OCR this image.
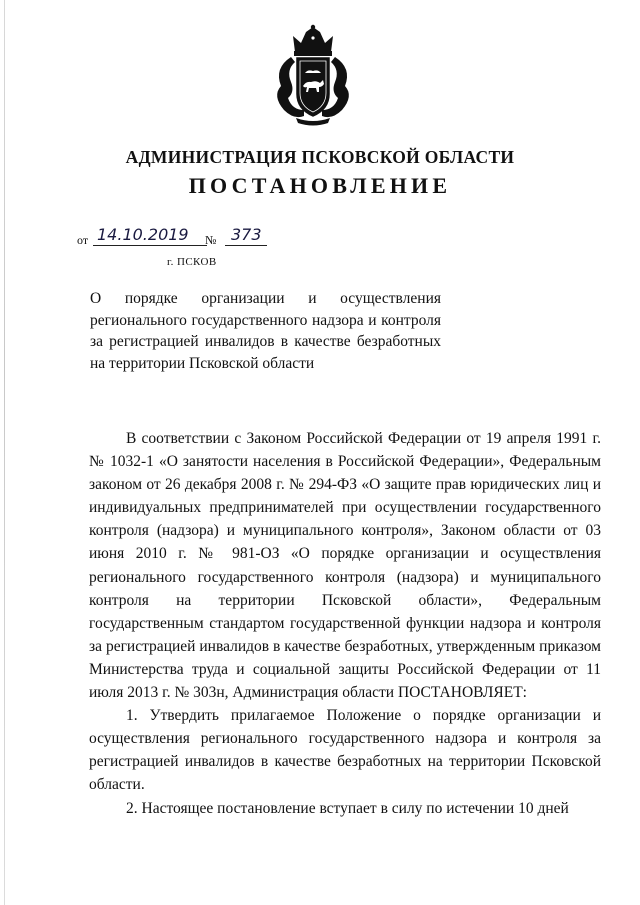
АДМИНИСТРАЦИЯ ПСКОВСКОЙ ОБЛАСТИ
ПОСТАНОВЛЕНИЕ
от 14.10.2019	№ 373
г. ПСКОВ
О порядке организации и осуществления регионального государственного надзора и контроля за регистрацией инвалидов в качестве безработных на территории Псковской области

В соответствии с Законом Российской Федерации от 19 апреля 1991 г. № 1032-1 «О занятости населения в Российской Федерации», Федеральным законом от 26 декабря 2008 г. № 294-ФЗ «О защите прав юридических лиц и индивидуальных предпринимателей при осуществлении государственного контроля (надзора) и муниципального контроля», Законом области от 03 июня 2010 г. № 981-ОЗ «О порядке организации и осуществления регионального государственного контроля (надзора) и муниципального контроля на территории Псковской области», Федеральным государственным стандартом государственной функции надзора и контроля за регистрацией инвалидов в качестве безработных, утвержденным приказом Министерства труда и социальной защиты Российской Федерации от 11 июля 2013 г. № 303н, Администрация области ПОСТАНОВЛЯЕТ:

1. Утвердить прилагаемое Положение о порядке организации и осуществления регионального государственного надзора и контроля за регистрацией инвалидов в качестве безработных на территории Псковской области.

2. Настоящее постановление вступает в силу по истечении 10 дней
